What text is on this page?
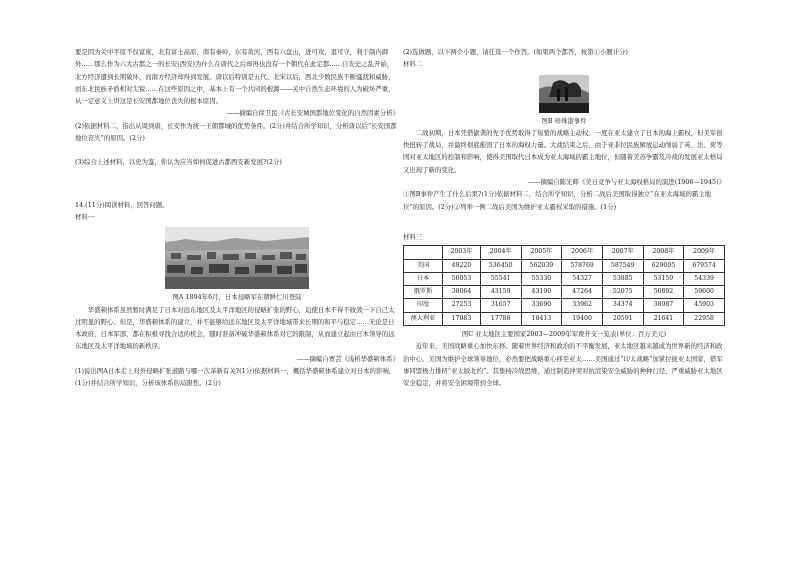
要是因为关中平原不仅富庶，北有富士高原，南有秦岭，东有黄河，西有六盘山，进可攻，退可守，利于制内御外……那么作为六大古都之一的长安(西安)为什么在唐代之后却再也没有一个朝代在此定都……自安史之乱开始，北方经济遭到长期破坏，而南方经济却得到发展。唐以后特别是五代、北宋以后，西北少数民族不断骚扰和威胁，而东北民族矛盾相对尖锐……在这些原因之中，基本上有一个共同的根源——关中自然生态环境的人为破坏严重，从一定意义上讲这是长安国都地位丧失的根本原因。

——摘编自徐卫民《古长安城国都地位变化的自然因素分析》

(2)依据材料二，指出从周到唐，长安作为统一王朝都城的优势条件。(2分)并结合所学知识，分析唐以后“长安国都地位丧失”的原因。(2分)

(3)综合上述材料，以史为鉴，你认为应当如何促进古都西安新发展?(2分)

14.(11分)阅读材料，回答问题。

材料一

图A 1894年6月，日本侵略军在朝鲜仁川登陆

华盛顿体系虽然暂时满足了日本对远东地区及太平洋地区的侵略扩张的野心，迫使日本不得不收敛一下自己太过明显的野心。但是，华盛顿体系的建立，并不能够给远东地区及太平洋地域带来长期的和平与稳定……无论是日本政府，日本军部，都在积极寻找合适的机会，随时准备冲破华盛顿体系对它的限制，从而建立起由日本领导的远东地区及太平洋地域的新秩序。

——摘编自贾芸《浅析华盛顿体系》

(1)说出图A日本走上对外侵略扩张道路与哪一次革新有关?(1分)依据材料一，概括华盛顿体系建立对日本的影响，(1分)并结合所学知识，分析该体系的局限性。(2分)

(2)选做题，以下两个小题，请任选一个作答。(如果两个都答，按第①小题计分)

材料二

图B 珍珠港事件

二战初期，日本凭借偷袭的先手优势取得了短暂的战略主动权。一度在亚太建立了日本的海上霸权，但美军很快扭转了战局，并最终彻底摧毁了日本的海权力量。大战结束之后，由于亚非拉民族解放运动削弱了英、法、荷等国对亚太地区的控制和影响，使得美国取代日本成为亚太海域的霸主地位，但随着美苏争霸及冷战的发展亚太格局又出现了新的变化。

——摘编自陈光辉《美日竞争与亚太海权格局的演进(1906—1945)》

①图B事件产生了什么后果?(1分)依据材料二，结合所学知识，分析二战后美国取得独立“在亚太海域的霸主地位”的原因。(2分)②列举一例二战后美国为维护亚太霸权采取的措施。(1分)

材料三

	2003年	2004年	2005年	2006年	2007年	2008年	2009年
美国	49220	536450	562039	578769	587549	629095	679574
日本	56053	55541	55330	54327	53885	53159	54339
俄罗斯	38064	43159	43190	47264	52075	56892	59600
印度	27253	31657	33690	33962	34374	38987	45903
澳大利亚	17083	17788	18413	19400	20591	21641	22958

图C 亚太地区主要国家2003—2009年军费开支一览表(单位：百万美元)

近年来，美国战略重心加快东移。随着世界经济和政治的不平衡发展，亚太地区越来越成为世界新的经济和政治中心。美国为维护全球领导地位，必然要把战略重心移至亚太……美国通过“印太战略”加紧拉拢亚太国家，借军事同盟极力排挤“亚太版北约”。其集持冷战思维、通过制造冲突对抗渲染安全威胁的种种行径，严重威胁亚太地区安全稳定，并将安全困境带到全球。
